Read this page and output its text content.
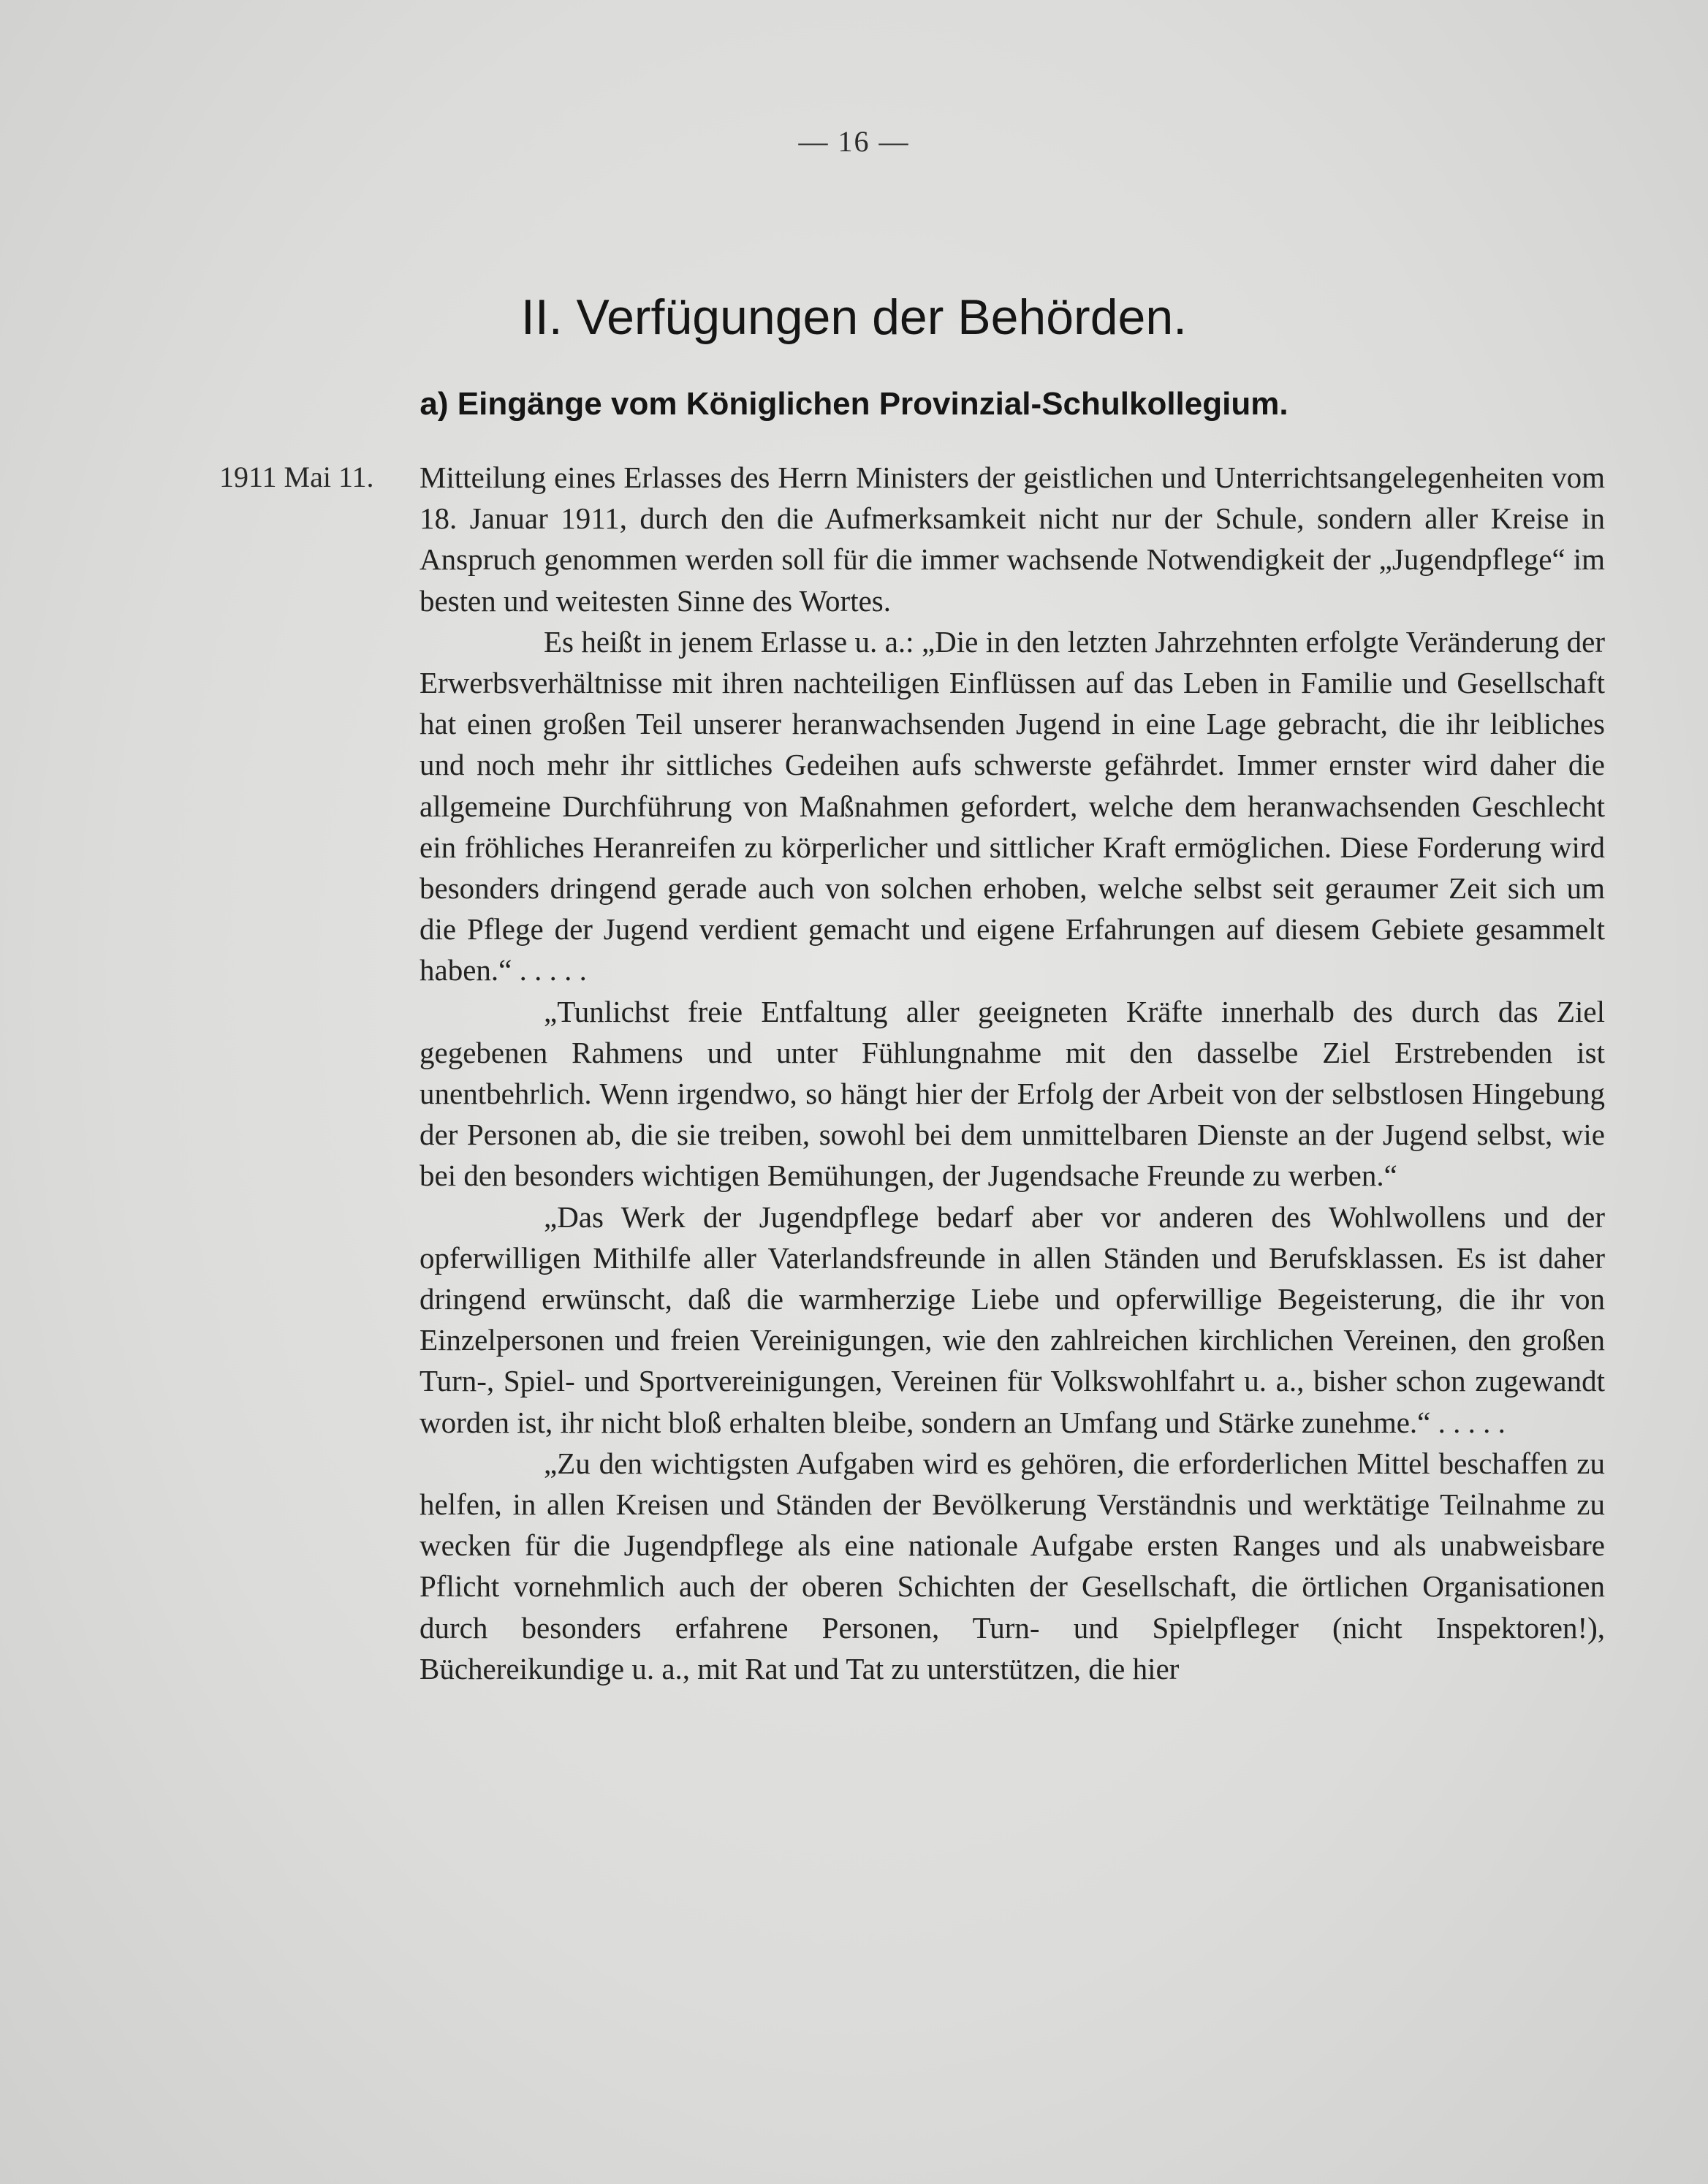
— 16 —
II. Verfügungen der Behörden.
a) Eingänge vom Königlichen Provinzial-Schulkollegium.
1911 Mai 11. Mitteilung eines Erlasses des Herrn Ministers der geistlichen und Unterrichtsangelegenheiten vom 18. Januar 1911, durch den die Aufmerksamkeit nicht nur der Schule, sondern aller Kreise in Anspruch genommen werden soll für die immer wachsende Notwendigkeit der „Jugendpflege“ im besten und weitesten Sinne des Wortes.

Es heißt in jenem Erlasse u. a.: „Die in den letzten Jahrzehnten erfolgte Veränderung der Erwerbsverhältnisse mit ihren nachteiligen Einflüssen auf das Leben in Familie und Gesellschaft hat einen großen Teil unserer heranwachsenden Jugend in eine Lage gebracht, die ihr leibliches und noch mehr ihr sittliches Gedeihen aufs schwerste gefährdet. Immer ernster wird daher die allgemeine Durchführung von Maßnahmen gefordert, welche dem heranwachsenden Geschlecht ein fröhliches Heranreifen zu körperlicher und sittlicher Kraft ermöglichen. Diese Forderung wird besonders dringend gerade auch von solchen erhoben, welche selbst seit geraumer Zeit sich um die Pflege der Jugend verdient gemacht und eigene Erfahrungen auf diesem Gebiete gesammelt haben.“ . . . . .

„Tunlichst freie Entfaltung aller geeigneten Kräfte innerhalb des durch das Ziel gegebenen Rahmens und unter Fühlungnahme mit den dasselbe Ziel Erstrebenden ist unentbehrlich. Wenn irgendwo, so hängt hier der Erfolg der Arbeit von der selbstlosen Hingebung der Personen ab, die sie treiben, sowohl bei dem unmittelbaren Dienste an der Jugend selbst, wie bei den besonders wichtigen Bemühungen, der Jugendsache Freunde zu werben.“

„Das Werk der Jugendpflege bedarf aber vor anderen des Wohlwollens und der opferwilligen Mithilfe aller Vaterlandsfreunde in allen Ständen und Berufsklassen. Es ist daher dringend erwünscht, daß die warmherzige Liebe und opferwillige Begeisterung, die ihr von Einzelpersonen und freien Vereinigungen, wie den zahlreichen kirchlichen Vereinen, den großen Turn-, Spiel- und Sportvereinigungen, Vereinen für Volkswohlfahrt u. a., bisher schon zugewandt worden ist, ihr nicht bloß erhalten bleibe, sondern an Umfang und Stärke zunehme.“ . . . . .

„Zu den wichtigsten Aufgaben wird es gehören, die erforderlichen Mittel beschaffen zu helfen, in allen Kreisen und Ständen der Bevölkerung Verständnis und werktätige Teilnahme zu wecken für die Jugendpflege als eine nationale Aufgabe ersten Ranges und als unabweisbare Pflicht vornehmlich auch der oberen Schichten der Gesellschaft, die örtlichen Organisationen durch besonders erfahrene Personen, Turn- und Spielpfleger (nicht Inspektoren!), Büchereikundige u. a., mit Rat und Tat zu unterstützen, die hier
